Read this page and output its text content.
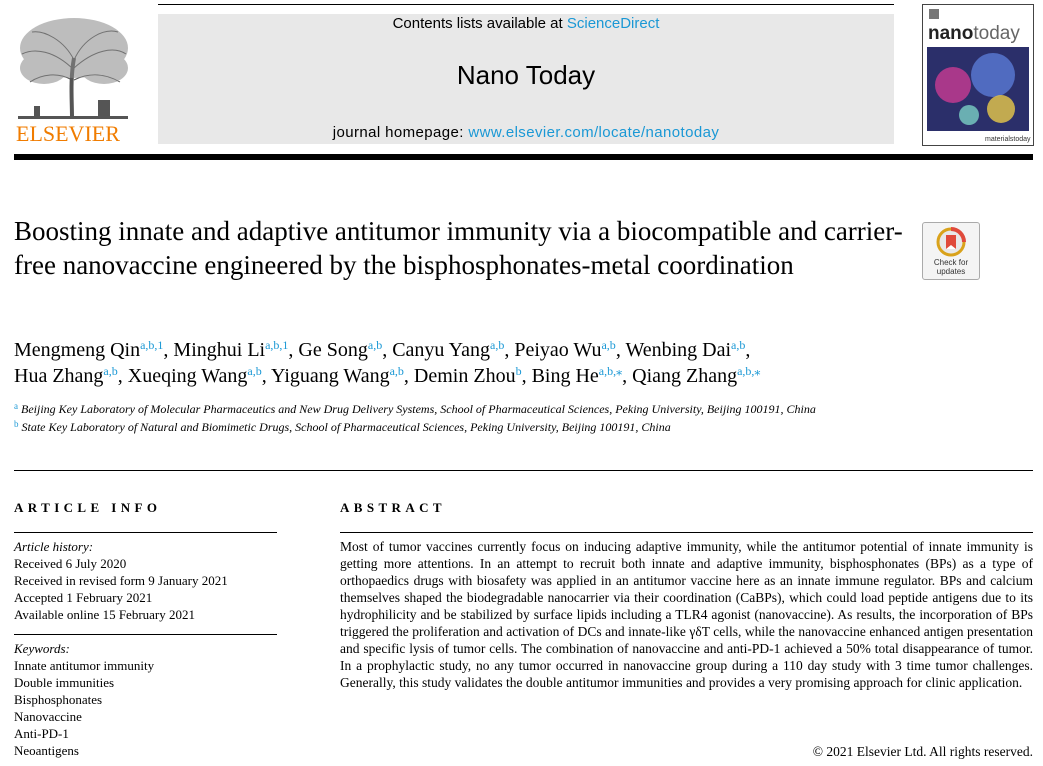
ELSEVIER
Contents lists available at ScienceDirect
Nano Today
journal homepage: www.elsevier.com/locate/nanotoday
nanotoday
materialstoday
Boosting innate and adaptive antitumor immunity via a biocompatible and carrier-free nanovaccine engineered by the bisphosphonates-metal coordination	Check for
updates
Mengmeng Qin$^{a,b,1}$, Minghui Li$^{a,b,1}$, Ge Song$^{a,b}$, Canyu Yang$^{a,b}$, Peiyao Wu$^{a,b}$, Wenbing Dai$^{a,b}$,
Hua Zhang$^{a,b}$, Xueqing Wang$^{a,b}$, Yiguang Wang$^{a,b}$, Demin Zhou$^b$, Bing $He^{a,b,⁎}$, Qiang Zhang$^{a,b,⁎}$
$^a$ Beijing Key Laboratory of Molecular Pharmaceutics and New Drug Delivery Systems, School of Pharmaceutical Sciences, Peking University, Beijing 100191, China
$^b$ State Key Laboratory of Natural and Biomimetic Drugs, School of Pharmaceutical Sciences, Peking University, Beijing 100191, China
ARTICLE INFO	ABSTRACT
Article history:
Received 6 July 2020
Received in revised form 9 January 2021
Accepted 1 February 2021
Available online 15 February 2021
Keywords:
Innate antitumor immunity
Double immunities
Bisphosphonates
Nanovaccine
Anti-PD-1
Neoantigens
Most of tumor vaccines currently focus on inducing adaptive immunity, while the antitumor potential of innate immunity is getting more attentions. In an attempt to recruit both innate and adaptive immunity, bisphosphonates (BPs) as a type of orthopaedics drugs with biosafety was applied in an antitumor vaccine here as an innate immune regulator. BPs and calcium themselves shaped the biodegradable nanocarrier via their coordination (CaBPs), which could load peptide antigens due to its hydrophilicity and be stabilized by surface lipids including a TLR4 agonist (nanovaccine). As results, the incorporation of BPs triggered the proliferation and activation of DCs and innate-like γδT cells, while the nanovaccine enhanced antigen presentation and specific lysis of tumor cells. The combination of nanovaccine and anti-PD-1 achieved a 50% total disappearance of tumor. In a prophylactic study, no any tumor occurred in nanovaccine group during a 110 day study with 3 time tumor challenges. Generally, this study validates the double antitumor immunities and provides a very promising approach for clinic application.
© 2021 Elsevier Ltd. All rights reserved.
